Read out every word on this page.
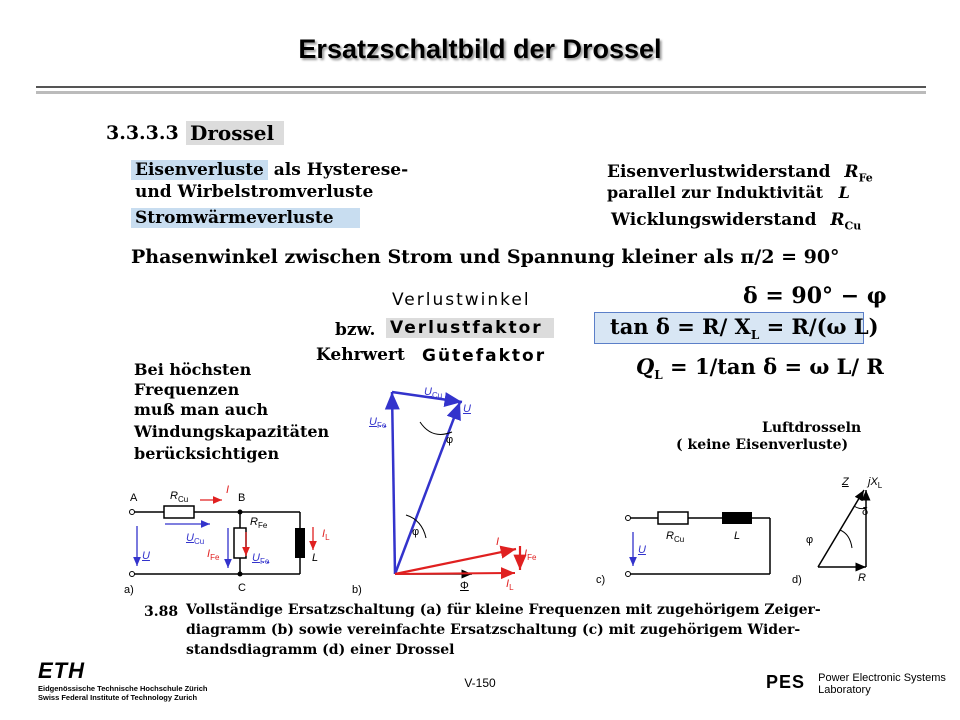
Ersatzschaltbild der Drossel
3.3.3.3 Drossel
Eisenverluste als Hysterese-
und Wirbelstromverluste
Stromwärmeverluste
Eisenverlustwiderstand $R_{Fe}$
parallel zur Induktivität L
Wicklungswiderstand $R_{Cu}$
Phasenwinkel zwischen Strom und Spannung kleiner als π/2 = 90°
Verlustwinkel
bzw. Verlustfaktor
Kehrwert Gütefaktor
δ = 90° − φ
tan δ = R/ $X_L = R/(\omega$ L)
$Q_L = 1/\tan$ δ = ω L/ R
Bei höchsten
Frequenzen
muß man auch
Windungskapazitäten
berücksichtigen
Luftdrosseln
( keine Eisenverluste)
A	B
C
$R_{Cu}$
$R_{Fe}$
I
$I_{Fe}$
$I_L$
U
$U_{Cu}$
$U_{Fe}$	L
a)
$U_{Cu}$
U
$U_{Fe}$
φ
φ
I
$I_{Fe}$
$I_L$
Φ
b)
$R_{Cu}$	L
U
c)
Z $jX_L$
δ
φ
R
d)
3.88 Vollständige Ersatzschaltung (a) für kleine Frequenzen mit zugehörigem Zeiger-
diagramm (b) sowie vereinfachte Ersatzschaltung (c) mit zugehörigem Wider-
standsdiagramm (d) einer Drossel
ETH
Eidgenössische Technische Hochschule Zürich
Swiss Federal Institute of Technology Zurich
V-150	PES Power Electronic Systems
Laboratory
